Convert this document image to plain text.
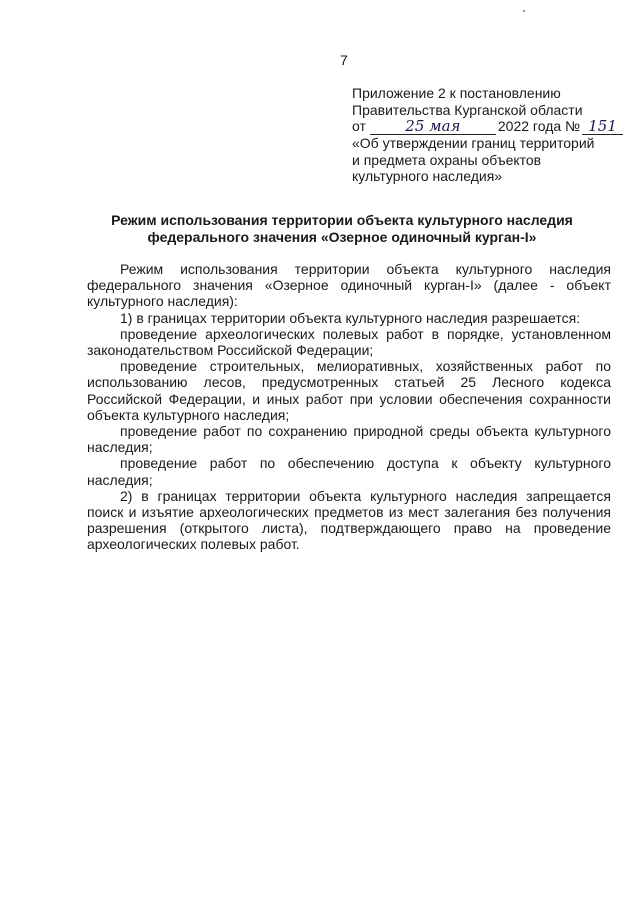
7
Приложение 2 к постановлению
Правительства Курганской области
от	25 мая	2022 года № 151
«Об утверждении границ территорий
и предмета охраны объектов
культурного наследия»
Режим использования территории объекта культурного наследия
федерального значения «Озерное одиночный курган-I»

Режим использования территории объекта культурного наследия федерального значения «Озерное одиночный курган-I» (далее - объект культурного наследия):

1) в границах территории объекта культурного наследия разрешается:

проведение археологических полевых работ в порядке, установленном законодательством Российской Федерации;

проведение строительных, мелиоративных, хозяйственных работ по использованию лесов, предусмотренных статьей 25 Лесного кодекса Российской Федерации, и иных работ при условии обеспечения сохранности объекта культурного наследия;

проведение работ по сохранению природной среды объекта культурного наследия;

проведение работ по обеспечению доступа к объекту культурного наследия;

2) в границах территории объекта культурного наследия запрещается поиск и изъятие археологических предметов из мест залегания без получения разрешения (открытого листа), подтверждающего право на проведение археологических полевых работ.
